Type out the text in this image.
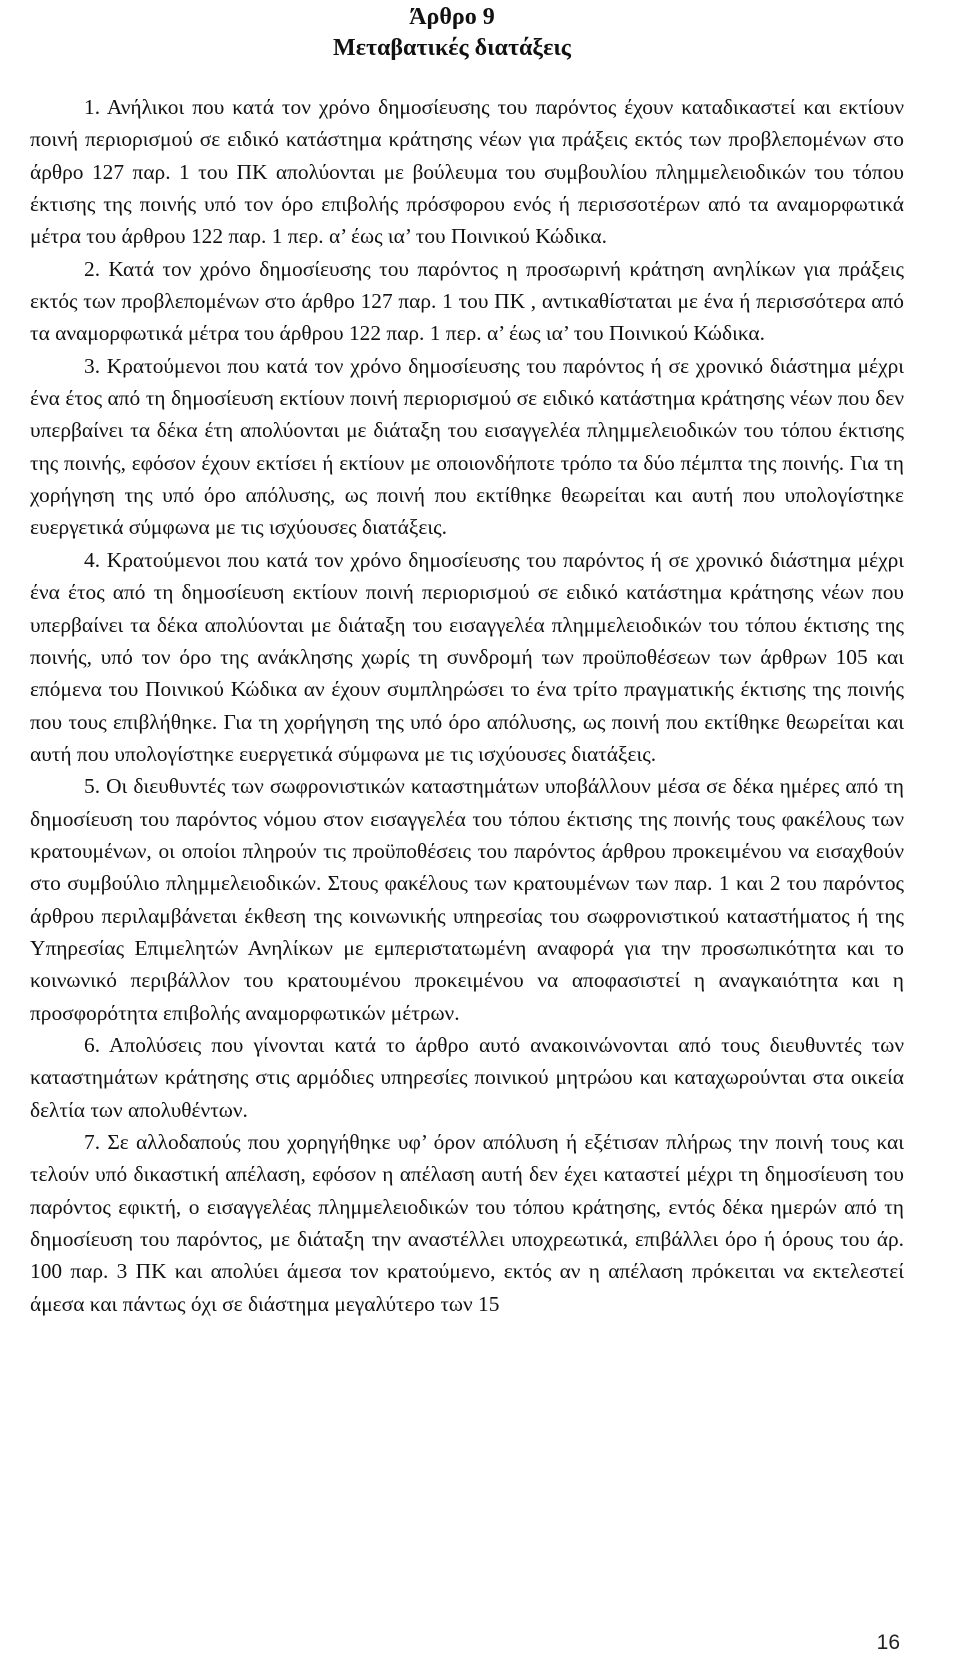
Άρθρο 9
Μεταβατικές διατάξεις

1. Ανήλικοι που κατά τον χρόνο δημοσίευσης του παρόντος έχουν καταδικαστεί και εκτίουν ποινή περιορισμού σε ειδικό κατάστημα κράτησης νέων για πράξεις εκτός των προβλεπομένων στο άρθρο 127 παρ. 1 του ΠΚ απολύονται με βούλευμα του συμβουλίου πλημμελειοδικών του τόπου έκτισης της ποινής υπό τον όρο επιβολής πρόσφορου ενός ή περισσοτέρων από τα αναμορφωτικά μέτρα του άρθρου 122 παρ. 1 περ. α’ έως ια’ του Ποινικού Κώδικα.

2. Κατά τον χρόνο δημοσίευσης του παρόντος η προσωρινή κράτηση ανηλίκων για πράξεις εκτός των προβλεπομένων στο άρθρο 127 παρ. 1 του ΠΚ , αντικαθίσταται με ένα ή περισσότερα από τα αναμορφωτικά μέτρα του άρθρου 122 παρ. 1 περ. α’ έως ια’ του Ποινικού Κώδικα.

3. Κρατούμενοι που κατά τον χρόνο δημοσίευσης του παρόντος ή σε χρονικό διάστημα μέχρι ένα έτος από τη δημοσίευση εκτίουν ποινή περιορισμού σε ειδικό κατάστημα κράτησης νέων που δεν υπερβαίνει τα δέκα έτη απολύονται με διάταξη του εισαγγελέα πλημμελειοδικών του τόπου έκτισης της ποινής, εφόσον έχουν εκτίσει ή εκτίουν με οποιονδήποτε τρόπο τα δύο πέμπτα της ποινής. Για τη χορήγηση της υπό όρο απόλυσης, ως ποινή που εκτίθηκε θεωρείται και αυτή που υπολογίστηκε ευεργετικά σύμφωνα με τις ισχύουσες διατάξεις.

4. Κρατούμενοι που κατά τον χρόνο δημοσίευσης του παρόντος ή σε χρονικό διάστημα μέχρι ένα έτος από τη δημοσίευση εκτίουν ποινή περιορισμού σε ειδικό κατάστημα κράτησης νέων που υπερβαίνει τα δέκα απολύονται με διάταξη του εισαγγελέα πλημμελειοδικών του τόπου έκτισης της ποινής, υπό τον όρο της ανάκλησης χωρίς τη συνδρομή των προϋποθέσεων των άρθρων 105 και επόμενα του Ποινικού Κώδικα αν έχουν συμπληρώσει το ένα τρίτο πραγματικής έκτισης της ποινής που τους επιβλήθηκε. Για τη χορήγηση της υπό όρο απόλυσης, ως ποινή που εκτίθηκε θεωρείται και αυτή που υπολογίστηκε ευεργετικά σύμφωνα με τις ισχύουσες διατάξεις.

5. Οι διευθυντές των σωφρονιστικών καταστημάτων υποβάλλουν μέσα σε δέκα ημέρες από τη δημοσίευση του παρόντος νόμου στον εισαγγελέα του τόπου έκτισης της ποινής τους φακέλους των κρατουμένων, οι οποίοι πληρούν τις προϋποθέσεις του παρόντος άρθρου προκειμένου να εισαχθούν στο συμβούλιο πλημμελειοδικών. Στους φακέλους των κρατουμένων των παρ. 1 και 2 του παρόντος άρθρου περιλαμβάνεται έκθεση της κοινωνικής υπηρεσίας του σωφρονιστικού καταστήματος ή της Υπηρεσίας Επιμελητών Ανηλίκων με εμπεριστατωμένη αναφορά για την προσωπικότητα και το κοινωνικό περιβάλλον του κρατουμένου προκειμένου να αποφασιστεί η αναγκαιότητα και η προσφορότητα επιβολής αναμορφωτικών μέτρων.

6. Απολύσεις που γίνονται κατά το άρθρο αυτό ανακοινώνονται από τους διευθυντές των καταστημάτων κράτησης στις αρμόδιες υπηρεσίες ποινικού μητρώου και καταχωρούνται στα οικεία δελτία των απολυθέντων.

7. Σε αλλοδαπούς που χορηγήθηκε υφ’ όρον απόλυση ή εξέτισαν πλήρως την ποινή τους και τελούν υπό δικαστική απέλαση, εφόσον η απέλαση αυτή δεν έχει καταστεί μέχρι τη δημοσίευση του παρόντος εφικτή, ο εισαγγελέας πλημμελειοδικών του τόπου κράτησης, εντός δέκα ημερών από τη δημοσίευση του παρόντος, με διάταξη την αναστέλλει υποχρεωτικά, επιβάλλει όρο ή όρους του άρ. 100 παρ. 3 ΠΚ και απολύει άμεσα τον κρατούμενο, εκτός αν η απέλαση πρόκειται να εκτελεστεί άμεσα και πάντως όχι σε διάστημα μεγαλύτερο των 15

16
